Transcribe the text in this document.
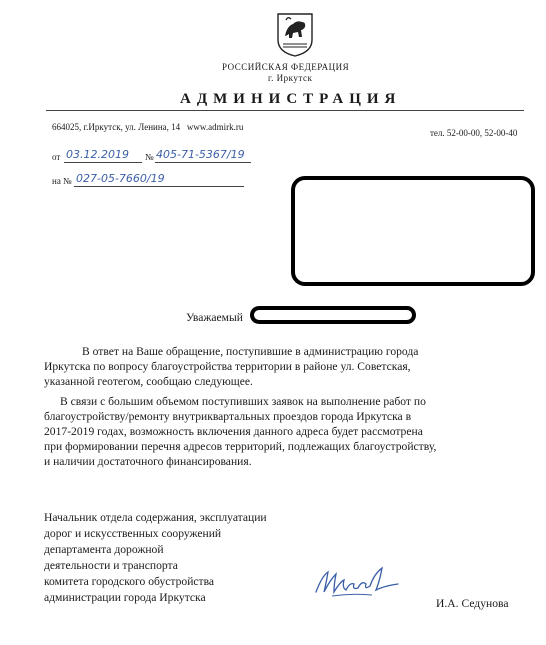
РОССИЙСКАЯ ФЕДЕРАЦИЯ
г. Иркутск
АДМИНИСТРАЦИЯ
664025, г.Иркутск, ул. Ленина, 14 www.admirk.ru
тел. 52-00-00, 52-00-40
от 03.12.2019 № 405-71-5367/19
на № 027-05-7660/19
Уважаемый
В ответ на Ваше обращение, поступившие в администрацию города
Иркутска по вопросу благоустройства территории в районе ул. Советская,
указанной геотегом, сообщаю следующее.
В связи с большим объемом поступивших заявок на выполнение работ по
благоустройству/ремонту внутриквартальных проездов города Иркутска в
2017-2019 годах, возможность включения данного адреса будет рассмотрена
при формировании перечня адресов территорий, подлежащих благоустройству,
и наличии достаточного финансирования.
Начальник отдела содержания, эксплуатации
дорог и искусственных сооружений
департамента дорожной
деятельности и транспорта
комитета городского обустройства
администрации города Иркутска	И.А. Седунова
